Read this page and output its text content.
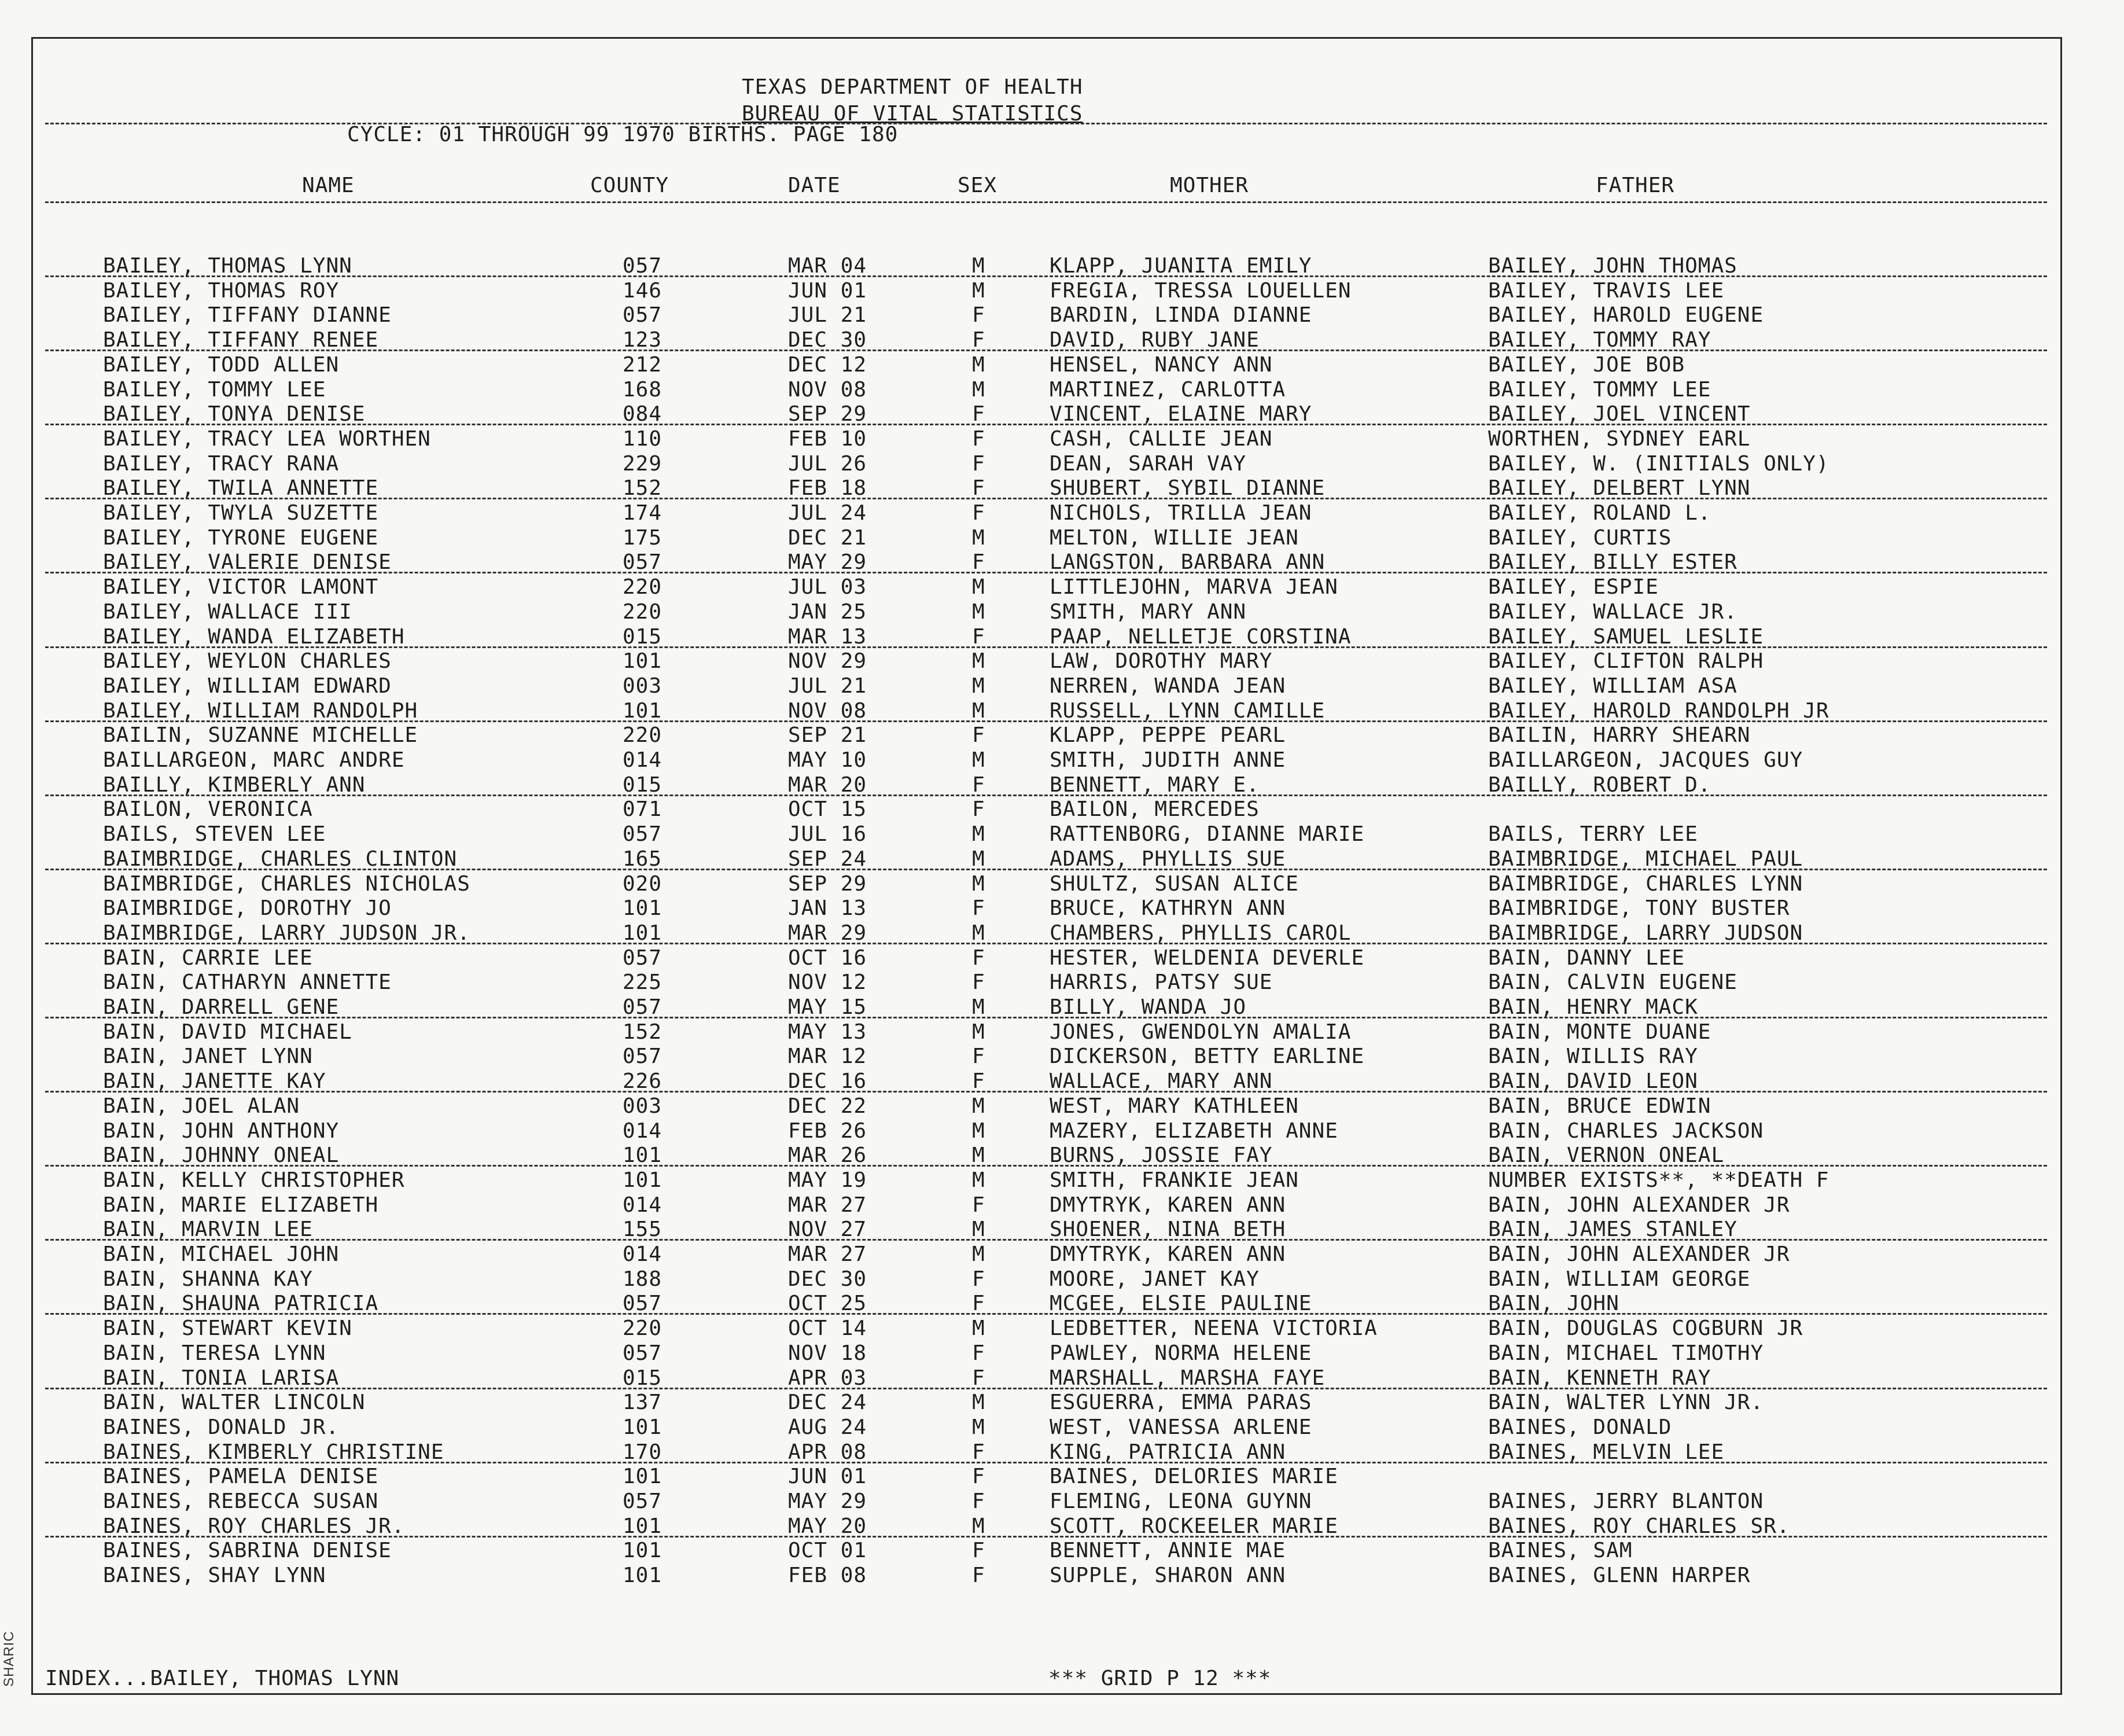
SHARIC
TEXAS DEPARTMENT OF HEALTH
BUREAU OF VITAL STATISTICS
CYCLE: 01 THROUGH 99 1970 BIRTHS. PAGE 180
NAME	COUNTY	DATE	SEX	MOTHER	FATHER
BAILEY, THOMAS LYNN	057	MAR 04	M	KLAPP, JUANITA EMILY	BAILEY, JOHN THOMAS
BAILEY, THOMAS ROY	146	JUN 01	M	FREGIA, TRESSA LOUELLEN	BAILEY, TRAVIS LEE
BAILEY, TIFFANY DIANNE	057	JUL 21	F	BARDIN, LINDA DIANNE	BAILEY, HAROLD EUGENE
BAILEY, TIFFANY RENEE	123	DEC 30	F	DAVID, RUBY JANE	BAILEY, TOMMY RAY
BAILEY, TODD ALLEN	212	DEC 12	M	HENSEL, NANCY ANN	BAILEY, JOE BOB
BAILEY, TOMMY LEE	168	NOV 08	M	MARTINEZ, CARLOTTA	BAILEY, TOMMY LEE
BAILEY, TONYA DENISE	084	SEP 29	F	VINCENT, ELAINE MARY	BAILEY, JOEL VINCENT
BAILEY, TRACY LEA WORTHEN	110	FEB 10	F	CASH, CALLIE JEAN	WORTHEN, SYDNEY EARL
BAILEY, TRACY RANA	229	JUL 26	F	DEAN, SARAH VAY	BAILEY, W. (INITIALS ONLY)
BAILEY, TWILA ANNETTE	152	FEB 18	F	SHUBERT, SYBIL DIANNE	BAILEY, DELBERT LYNN
BAILEY, TWYLA SUZETTE	174	JUL 24	F	NICHOLS, TRILLA JEAN	BAILEY, ROLAND L.
BAILEY, TYRONE EUGENE	175	DEC 21	M	MELTON, WILLIE JEAN	BAILEY, CURTIS
BAILEY, VALERIE DENISE	057	MAY 29	F	LANGSTON, BARBARA ANN	BAILEY, BILLY ESTER
BAILEY, VICTOR LAMONT	220	JUL 03	M	LITTLEJOHN, MARVA JEAN	BAILEY, ESPIE
BAILEY, WALLACE III	220	JAN 25	M	SMITH, MARY ANN	BAILEY, WALLACE JR.
BAILEY, WANDA ELIZABETH	015	MAR 13	F	PAAP, NELLETJE CORSTINA	BAILEY, SAMUEL LESLIE
BAILEY, WEYLON CHARLES	101	NOV 29	M	LAW, DOROTHY MARY	BAILEY, CLIFTON RALPH
BAILEY, WILLIAM EDWARD	003	JUL 21	M	NERREN, WANDA JEAN	BAILEY, WILLIAM ASA
BAILEY, WILLIAM RANDOLPH	101	NOV 08	M	RUSSELL, LYNN CAMILLE	BAILEY, HAROLD RANDOLPH JR
BAILIN, SUZANNE MICHELLE	220	SEP 21	F	KLAPP, PEPPE PEARL	BAILIN, HARRY SHEARN
BAILLARGEON, MARC ANDRE	014	MAY 10	M	SMITH, JUDITH ANNE	BAILLARGEON, JACQUES GUY
BAILLY, KIMBERLY ANN	015	MAR 20	F	BENNETT, MARY E.	BAILLY, ROBERT D.
BAILON, VERONICA	071	OCT 15	F	BAILON, MERCEDES
BAILS, STEVEN LEE	057	JUL 16	M	RATTENBORG, DIANNE MARIE	BAILS, TERRY LEE
BAIMBRIDGE, CHARLES CLINTON	165	SEP 24	M	ADAMS, PHYLLIS SUE	BAIMBRIDGE, MICHAEL PAUL
BAIMBRIDGE, CHARLES NICHOLAS	020	SEP 29	M	SHULTZ, SUSAN ALICE	BAIMBRIDGE, CHARLES LYNN
BAIMBRIDGE, DOROTHY JO	101	JAN 13	F	BRUCE, KATHRYN ANN	BAIMBRIDGE, TONY BUSTER
BAIMBRIDGE, LARRY JUDSON JR.	101	MAR 29	M	CHAMBERS, PHYLLIS CAROL	BAIMBRIDGE, LARRY JUDSON
BAIN, CARRIE LEE	057	OCT 16	F	HESTER, WELDENIA DEVERLE	BAIN, DANNY LEE
BAIN, CATHARYN ANNETTE	225	NOV 12	F	HARRIS, PATSY SUE	BAIN, CALVIN EUGENE
BAIN, DARRELL GENE	057	MAY 15	M	BILLY, WANDA JO	BAIN, HENRY MACK
BAIN, DAVID MICHAEL	152	MAY 13	M	JONES, GWENDOLYN AMALIA	BAIN, MONTE DUANE
BAIN, JANET LYNN	057	MAR 12	F	DICKERSON, BETTY EARLINE	BAIN, WILLIS RAY
BAIN, JANETTE KAY	226	DEC 16	F	WALLACE, MARY ANN	BAIN, DAVID LEON
BAIN, JOEL ALAN	003	DEC 22	M	WEST, MARY KATHLEEN	BAIN, BRUCE EDWIN
BAIN, JOHN ANTHONY	014	FEB 26	M	MAZERY, ELIZABETH ANNE	BAIN, CHARLES JACKSON
BAIN, JOHNNY ONEAL	101	MAR 26	M	BURNS, JOSSIE FAY	BAIN, VERNON ONEAL
BAIN, KELLY CHRISTOPHER	101	MAY 19	M	SMITH, FRANKIE JEAN	NUMBER EXISTS**, **DEATH F
BAIN, MARIE ELIZABETH	014	MAR 27	F	DMYTRYK, KAREN ANN	BAIN, JOHN ALEXANDER JR
BAIN, MARVIN LEE	155	NOV 27	M	SHOENER, NINA BETH	BAIN, JAMES STANLEY
BAIN, MICHAEL JOHN	014	MAR 27	M	DMYTRYK, KAREN ANN	BAIN, JOHN ALEXANDER JR
BAIN, SHANNA KAY	188	DEC 30	F	MOORE, JANET KAY	BAIN, WILLIAM GEORGE
BAIN, SHAUNA PATRICIA	057	OCT 25	F	MCGEE, ELSIE PAULINE	BAIN, JOHN
BAIN, STEWART KEVIN	220	OCT 14	M	LEDBETTER, NEENA VICTORIA	BAIN, DOUGLAS COGBURN JR
BAIN, TERESA LYNN	057	NOV 18	F	PAWLEY, NORMA HELENE	BAIN, MICHAEL TIMOTHY
BAIN, TONIA LARISA	015	APR 03	F	MARSHALL, MARSHA FAYE	BAIN, KENNETH RAY
BAIN, WALTER LINCOLN	137	DEC 24	M	ESGUERRA, EMMA PARAS	BAIN, WALTER LYNN JR.
BAINES, DONALD JR.	101	AUG 24	M	WEST, VANESSA ARLENE	BAINES, DONALD
BAINES, KIMBERLY CHRISTINE	170	APR 08	F	KING, PATRICIA ANN	BAINES, MELVIN LEE
BAINES, PAMELA DENISE	101	JUN 01	F	BAINES, DELORIES MARIE
BAINES, REBECCA SUSAN	057	MAY 29	F	FLEMING, LEONA GUYNN	BAINES, JERRY BLANTON
BAINES, ROY CHARLES JR.	101	MAY 20	M	SCOTT, ROCKEELER MARIE	BAINES, ROY CHARLES SR.
BAINES, SABRINA DENISE	101	OCT 01	F	BENNETT, ANNIE MAE	BAINES, SAM
BAINES, SHAY LYNN	101	FEB 08	F	SUPPLE, SHARON ANN	BAINES, GLENN HARPER
INDEX...BAILEY, THOMAS LYNN	*** GRID P 12 ***
